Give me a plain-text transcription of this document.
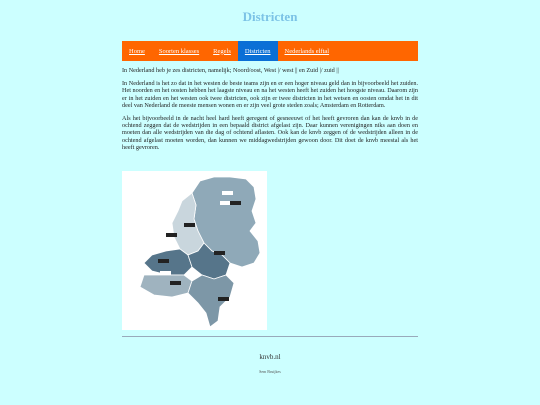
Districten
Home	Soorten klasses	Regels	Districten	Nederlands elftal

In Nederland heb je zes districten, namelijk; Noord/oost, West |/ west || en Zuid |/ zuid ||

In Nederland is het zo dat in het westen de beste teams zijn en er een hoger niveau geld dan in bijvoorbeeld het zuiden. Het noorden en het oosten hebben het laagste niveau en na het westen heeft het zuiden het hoogste niveau. Daarom zijn er in het zuiden en het westen ook twee districten, ook zijn er twee districten in het wetsen en oosten omdat het in dit deel van Nederland de meeste mensen wonen en er zijn veel grote steden zoals; Amsterdam en Rotterdam.

Als het bijvoorbeeld in de nacht heel hard heeft geregent of gesneeuwt of het heeft gevroren dan kan de knvb in de ochtend zeggen dat de wedstrijden in een bepaald district afgelast zijn. Daar kunnen verenigingen niks aan doen en moeten dan alle wedstrijden van die dag of ochtend aflasten. Ook kan de knvb zeggen of de wedstrijden alleen in de ochtend afgelast moeten worden, dan kunnen we middagwedstrijden gewoon door. Dit doet de knvb meestal als het heeft gevroren.

knvb.nl
Sem Bruijkes
